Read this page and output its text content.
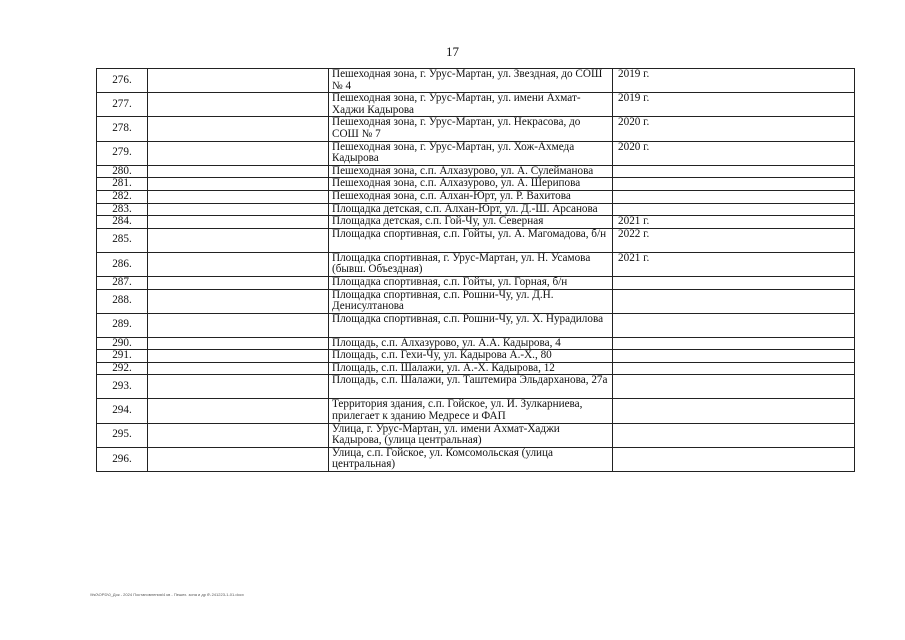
17
276.		Пешеходная зона, г. Урус-Мартан, ул. Звездная, до СОШ № 4	2019 г.
277.		Пешеходная зона, г. Урус-Мартан, ул. имени Ахмат-Хаджи Кадырова	2019 г.
278.		Пешеходная зона, г. Урус-Мартан, ул. Некрасова, до СОШ № 7	2020 г.
279.		Пешеходная зона, г. Урус-Мартан, ул. Хож-Ахмеда Кадырова	2020 г.
280.		Пешеходная зона, с.п. Алхазурово, ул. А. Сулейманова	
281.		Пешеходная зона, с.п. Алхазурово, ул. А. Шерипова	
282.		Пешеходная зона, с.п. Алхан-Юрт, ул. Р. Вахитова	
283.		Площадка детская, с.п. Алхан-Юрт, ул. Д.-Ш. Арсанова	
284.		Площадка детская, с.п. Гой-Чу, ул. Северная	2021 г.
285.		Площадка спортивная, с.п. Гойты, ул. А. Магомадова, б/н	2022 г.
286.		Площадка спортивная, г. Урус-Мартан, ул. Н. Усамова (бывш. Объездная)	2021 г.
287.		Площадка спортивная, с.п. Гойты, ул. Горная, б/н	
288.		Площадка спортивная, с.п. Рошни-Чу, ул. Д.Н. Денисултанова	
289.		Площадка спортивная, с.п. Рошни-Чу, ул. Х. Нурадилова	
290.		Площадь, с.п. Алхазурово, ул. А.А. Кадырова, 4	
291.		Площадь, с.п. Гехи-Чу, ул. Кадырова А.-Х., 80	
292.		Площадь, с.п. Шалажи, ул. А.-Х. Кадырова, 12	
293.		Площадь, с.п. Шалажи, ул. Таштемира Эльдарханова, 27а	
294.		Территория здания, с.п. Гойское, ул. И. Зулкарниева, прилегает к зданию Медресе и ФАП	
295.		Улица, г. Урус-Мартан, ул. имени Ахмат-Хаджи Кадырова, (улица центральная)	
296.		Улица, с.п. Гойское, ул. Комсомольская (улица центральная)	
\\fs0\OPD\0_Док - 2024 Постановления\4 кв - Пешех. зона и др б\ 241223-1-01.docx
